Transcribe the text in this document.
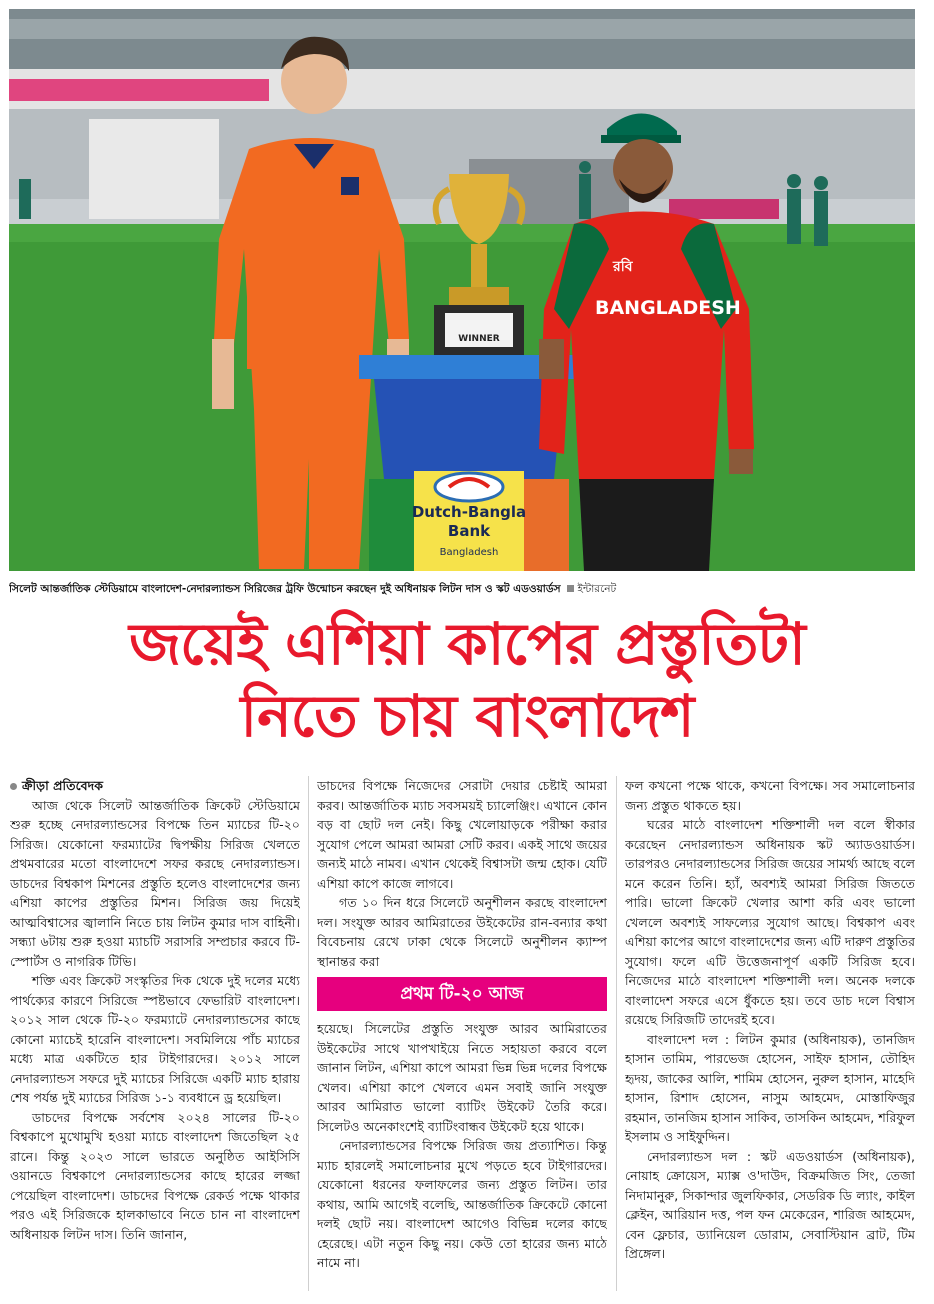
WINNER
Dutch-Bangla
Bank
Bangladesh
রবি
BANGLADESH
সিলেট আন্তর্জাতিক স্টেডিয়ামে বাংলাদেশ-নেদারল্যান্ডস সিরিজের ট্রফি উন্মোচন করছেন দুই অধিনায়ক লিটন দাস ও স্কট এডওয়ার্ডস ইন্টারনেট
জয়েই এশিয়া কাপের প্রস্তুতিটা
নিতে চায় বাংলাদেশ

ক্রীড়া প্রতিবেদক

আজ থেকে সিলেট আন্তর্জাতিক ক্রিকেট স্টেডিয়ামে শুরু হচ্ছে নেদারল্যান্ডসের বিপক্ষে তিন ম্যাচের টি-২০ সিরিজ। যেকোনো ফরম্যাটের দ্বিপক্ষীয় সিরিজ খেলতে প্রথমবারের মতো বাংলাদেশে সফর করছে নেদারল্যান্ডস। ডাচদের বিশ্বকাপ মিশনের প্রস্তুতি হলেও বাংলাদেশের জন্য এশিয়া কাপের প্রস্তুতির মিশন। সিরিজ জয় দিয়েই আত্মবিশ্বাসের জ্বালানি নিতে চায় লিটন কুমার দাস বাহিনী। সন্ধ্যা ৬টায় শুরু হওয়া ম্যাচটি সরাসরি সম্প্রচার করবে টি-স্পোর্টস ও নাগরিক টিভি।

শক্তি এবং ক্রিকেট সংস্কৃতির দিক থেকে দুই দলের মধ্যে পার্থক্যের কারণে সিরিজে স্পষ্টভাবে ফেভারিট বাংলাদেশ। ২০১২ সাল থেকে টি-২০ ফরম্যাটে নেদারল্যান্ডসের কাছে কোনো ম্যাচেই হারেনি বাংলাদেশ। সবমিলিয়ে পাঁচ ম্যাচের মধ্যে মাত্র একটিতে হার টাইগারদের। ২০১২ সালে নেদারল্যান্ডস সফরে দুই ম্যাচের সিরিজে একটি ম্যাচ হারায় শেষ পর্যন্ত দুই ম্যাচের সিরিজ ১-১ ব্যবধানে ড্র হয়েছিল।

ডাচদের বিপক্ষে সর্বশেষ ২০২৪ সালের টি-২০ বিশ্বকাপে মুখোমুখি হওয়া ম্যাচে বাংলাদেশ জিতেছিল ২৫ রানে। কিন্তু ২০২৩ সালে ভারতে অনুষ্ঠিত আইসিসি ওয়ানডে বিশ্বকাপে নেদারল্যান্ডসের কাছে হারের লজ্জা পেয়েছিল বাংলাদেশ। ডাচদের বিপক্ষে রেকর্ড পক্ষে থাকার পরও এই সিরিজকে হালকাভাবে নিতে চান না বাংলাদেশ অধিনায়ক লিটন দাস। তিনি জানান,

ডাচদের বিপক্ষে নিজেদের সেরাটা দেয়ার চেষ্টাই আমরা করব। আন্তর্জাতিক ম্যাচ সবসময়ই চ্যালেঞ্জিং। এখানে কোন বড় বা ছোট দল নেই। কিছু খেলোয়াড়কে পরীক্ষা করার সুযোগ পেলে আমরা আমরা সেটি করব। একই সাথে জয়ের জন্যই মাঠে নামব। এখান থেকেই বিশ্বাসটা জন্ম হোক। যেটি এশিয়া কাপে কাজে লাগবে।

গত ১০ দিন ধরে সিলেটে অনুশীলন করছে বাংলাদেশ দল। সংযুক্ত আরব আমিরাতের উইকেটের রান-বন্যার কথা বিবেচনায় রেখে ঢাকা থেকে সিলেটে অনুশীলন ক্যাম্প স্থানান্তর করা

প্রথম টি-২০ আজ

হয়েছে। সিলেটের প্রস্তুতি সংযুক্ত আরব আমিরাতের উইকেটের সাথে খাপখাইয়ে নিতে সহায়তা করবে বলে জানান লিটন, এশিয়া কাপে আমরা ভিন্ন ভিন্ন দলের বিপক্ষে খেলব। এশিয়া কাপে খেলবে এমন সবাই জানি সংযুক্ত আরব আমিরাত ভালো ব্যাটিং উইকেট তৈরি করে। সিলেটও অনেকাংশেই ব্যাটিংবান্ধব উইকেট হয়ে থাকে।

নেদারল্যান্ডসের বিপক্ষে সিরিজ জয় প্রত্যাশিত। কিন্তু ম্যাচ হারলেই সমালোচনার মুখে পড়তে হবে টাইগারদের। যেকোনো ধরনের ফলাফলের জন্য প্রস্তুত লিটন। তার কথায়, আমি আগেই বলেছি, আন্তর্জাতিক ক্রিকেটে কোনো দলই ছোট নয়। বাংলাদেশ আগেও বিভিন্ন দলের কাছে হেরেছে। এটা নতুন কিছু নয়। কেউ তো হারের জন্য মাঠে নামে না।

ফল কখনো পক্ষে থাকে, কখনো বিপক্ষে। সব সমালোচনার জন্য প্রস্তুত থাকতে হয়।

ঘরের মাঠে বাংলাদেশ শক্তিশালী দল বলে স্বীকার করেছেন নেদারল্যান্ডস অধিনায়ক স্কট অ্যাডওয়ার্ডস। তারপরও নেদারল্যান্ডসের সিরিজ জয়ের সামর্থ্য আছে বলে মনে করেন তিনি। হ্যাঁ, অবশ্যই আমরা সিরিজ জিততে পারি। ভালো ক্রিকেট খেলার আশা করি এবং ভালো খেললে অবশ্যই সাফল্যের সুযোগ আছে। বিশ্বকাপ এবং এশিয়া কাপের আগে বাংলাদেশের জন্য এটি দারুণ প্রস্তুতির সুযোগ। ফলে এটি উত্তেজনাপূর্ণ একটি সিরিজ হবে। নিজেদের মাঠে বাংলাদেশ শক্তিশালী দল। অনেক দলকে বাংলাদেশ সফরে এসে ধুঁকতে হয়। তবে ডাচ দলে বিশ্বাস রয়েছে সিরিজটি তাদেরই হবে।

বাংলাদেশ দল : লিটন কুমার (অধিনায়ক), তানজিদ হাসান তামিম, পারভেজ হোসেন, সাইফ হাসান, তৌহিদ হৃদয়, জাকের আলি, শামিম হোসেন, নুরুল হাসান, মাহেদি হাসান, রিশাদ হোসেন, নাসুম আহমেদ, মোস্তাফিজুর রহমান, তানজিম হাসান সাকিব, তাসকিন আহমেদ, শরিফুল ইসলাম ও সাইফুদ্দিন।

নেদারল্যান্ডস দল : স্কট এডওয়ার্ডস (অধিনায়ক), নোয়াহ ক্রোয়েস, ম্যাক্স ও'দাউদ, বিক্রমজিত সিং, তেজা নিদামানুরু, সিকান্দার জুলফিকার, সেডরিক ডি ল্যাং, কাইল ক্লেইন, আরিয়ান দত্ত, পল ফন মেকেরেন, শারিজ আহমেদ, বেন ফ্লেচার, ড্যানিয়েল ডোরাম, সেবাস্টিয়ান ব্রাট, টিম প্রিঙ্গেল।
